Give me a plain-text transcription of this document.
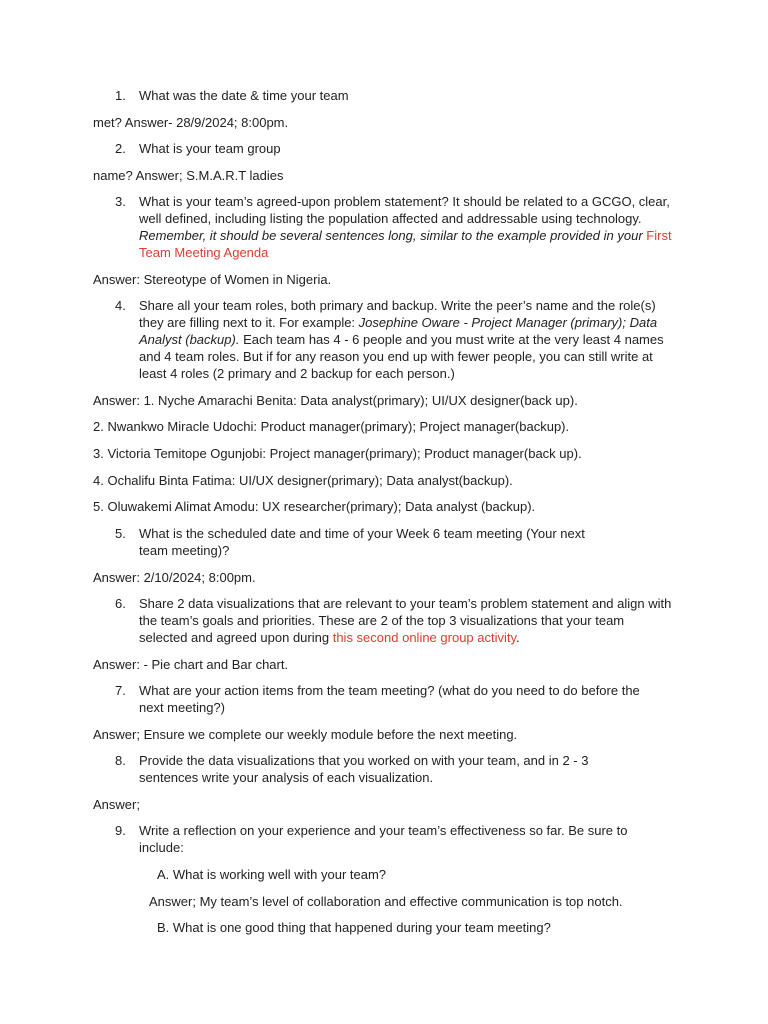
1.	What was the date & time your team
met? Answer- 28/9/2024; 8:00pm.
2.	What is your team group
name? Answer; S.M.A.R.T ladies
3.	What is your team’s agreed-upon problem statement? It should be related to a GCGO, clear, well defined, including listing the population affected and addressable using technology. Remember, it should be several sentences long, similar to the example provided in your First Team Meeting Agenda
Answer: Stereotype of Women in Nigeria.
4.	Share all your team roles, both primary and backup. Write the peer’s name and the role(s) they are filling next to it. For example: Josephine Oware - Project Manager (primary); Data Analyst (backup). Each team has 4 - 6 people and you must write at the very least 4 names and 4 team roles. But if for any reason you end up with fewer people, you can still write at least 4 roles (2 primary and 2 backup for each person.)
Answer: 1. Nyche Amarachi Benita: Data analyst(primary); UI/UX designer(back up).
2. Nwankwo Miracle Udochi: Product manager(primary); Project manager(backup).
3. Victoria Temitope Ogunjobi: Project manager(primary); Product manager(back up).
4. Ochalifu Binta Fatima: UI/UX designer(primary); Data analyst(backup).
5. Oluwakemi Alimat Amodu: UX researcher(primary); Data analyst (backup).
5.	What is the scheduled date and time of your Week 6 team meeting (Your next team meeting)?
Answer: 2/10/2024; 8:00pm.
6.	Share 2 data visualizations that are relevant to your team’s problem statement and align with the team’s goals and priorities. These are 2 of the top 3 visualizations that your team selected and agreed upon during this second online group activity.
Answer: - Pie chart and Bar chart.
7.	What are your action items from the team meeting? (what do you need to do before the next meeting?)
Answer; Ensure we complete our weekly module before the next meeting.
8.	Provide the data visualizations that you worked on with your team, and in 2 - 3 sentences write your analysis of each visualization.
Answer;
9.	Write a reflection on your experience and your team’s effectiveness so far. Be sure to include:
A. What is working well with your team?
Answer; My team’s level of collaboration and effective communication is top notch.
B. What is one good thing that happened during your team meeting?
